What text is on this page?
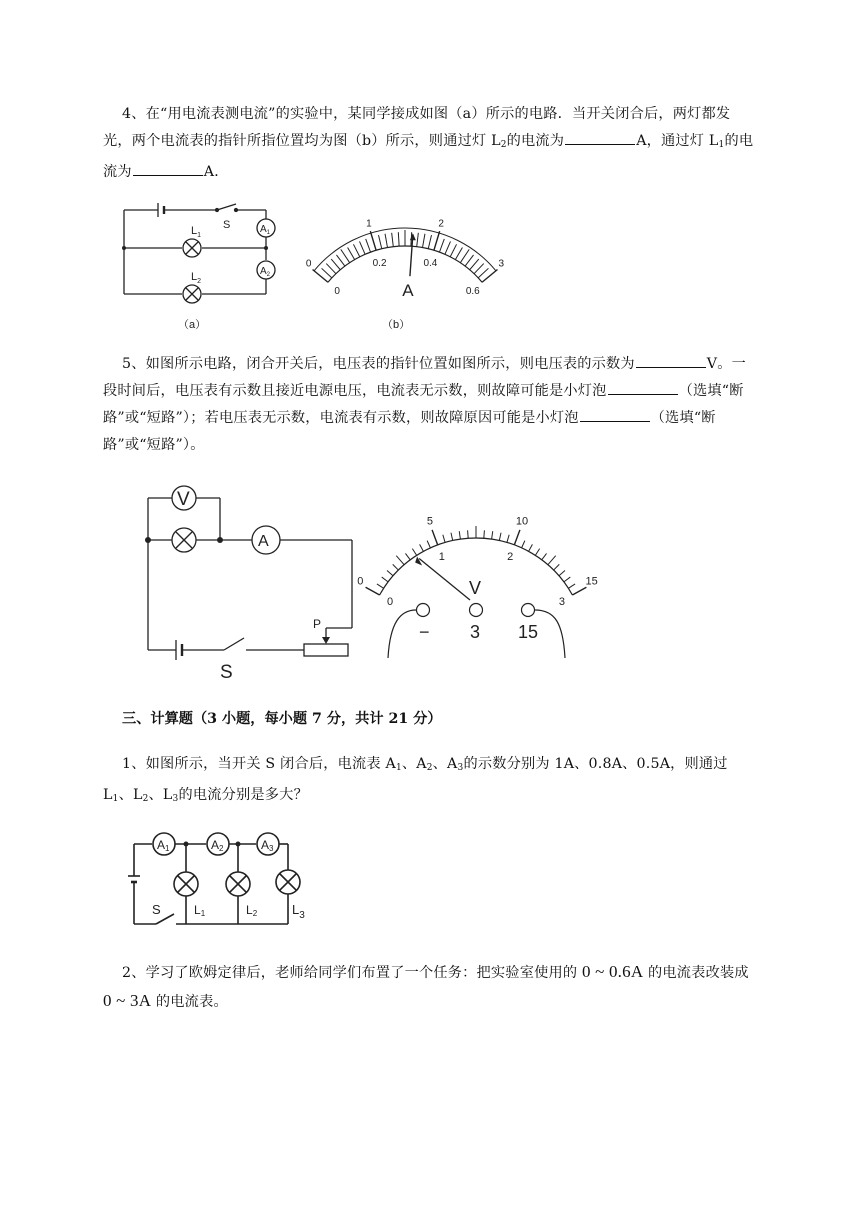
4、在“用电流表测电流”的实验中，某同学接成如图（a）所示的电路．当开关闭合后，两灯都发光，两个电流表的指针所指位置均为图（b）所示，则通过灯 $L_2$的电流为	A，通过灯 $L_1$的电流为	A．
$L_1$
$L_2$
S	$A_1$
$A_2$
（a）
0
1	2
3
0
0.2	0.4
0.6
A
（b）
5、如图所示电路，闭合开关后，电压表的指针位置如图所示，则电压表的示数为	V。一段时间后，电压表有示数且接近电源电压，电流表无示数，则故障可能是小灯泡	（选填“断路”或“短路”）；若电压表无示数，电流表有示数，则故障原因可能是小灯泡	（选填“断路”或“短路”）。
V
A
P
S
0
5	10
15
0
1	2
3
V
− 3 15
三、计算题（3 小题，每小题 7 分，共计 21 分）
1、如图所示，当开关 S 闭合后，电流表 $A_1$、$A_2$、$A_3$的示数分别为 1A、0.8A、0.5A，则通过 $L_1$、$L_2$、$L_3$的电流分别是多大？
A1	A2	A3
S	L1	L2	$L_3$
2、学习了欧姆定律后，老师给同学们布置了一个任务：把实验室使用的 0 ~ 0.6A 的电流表改装成 0 ~ 3A 的电流表。
